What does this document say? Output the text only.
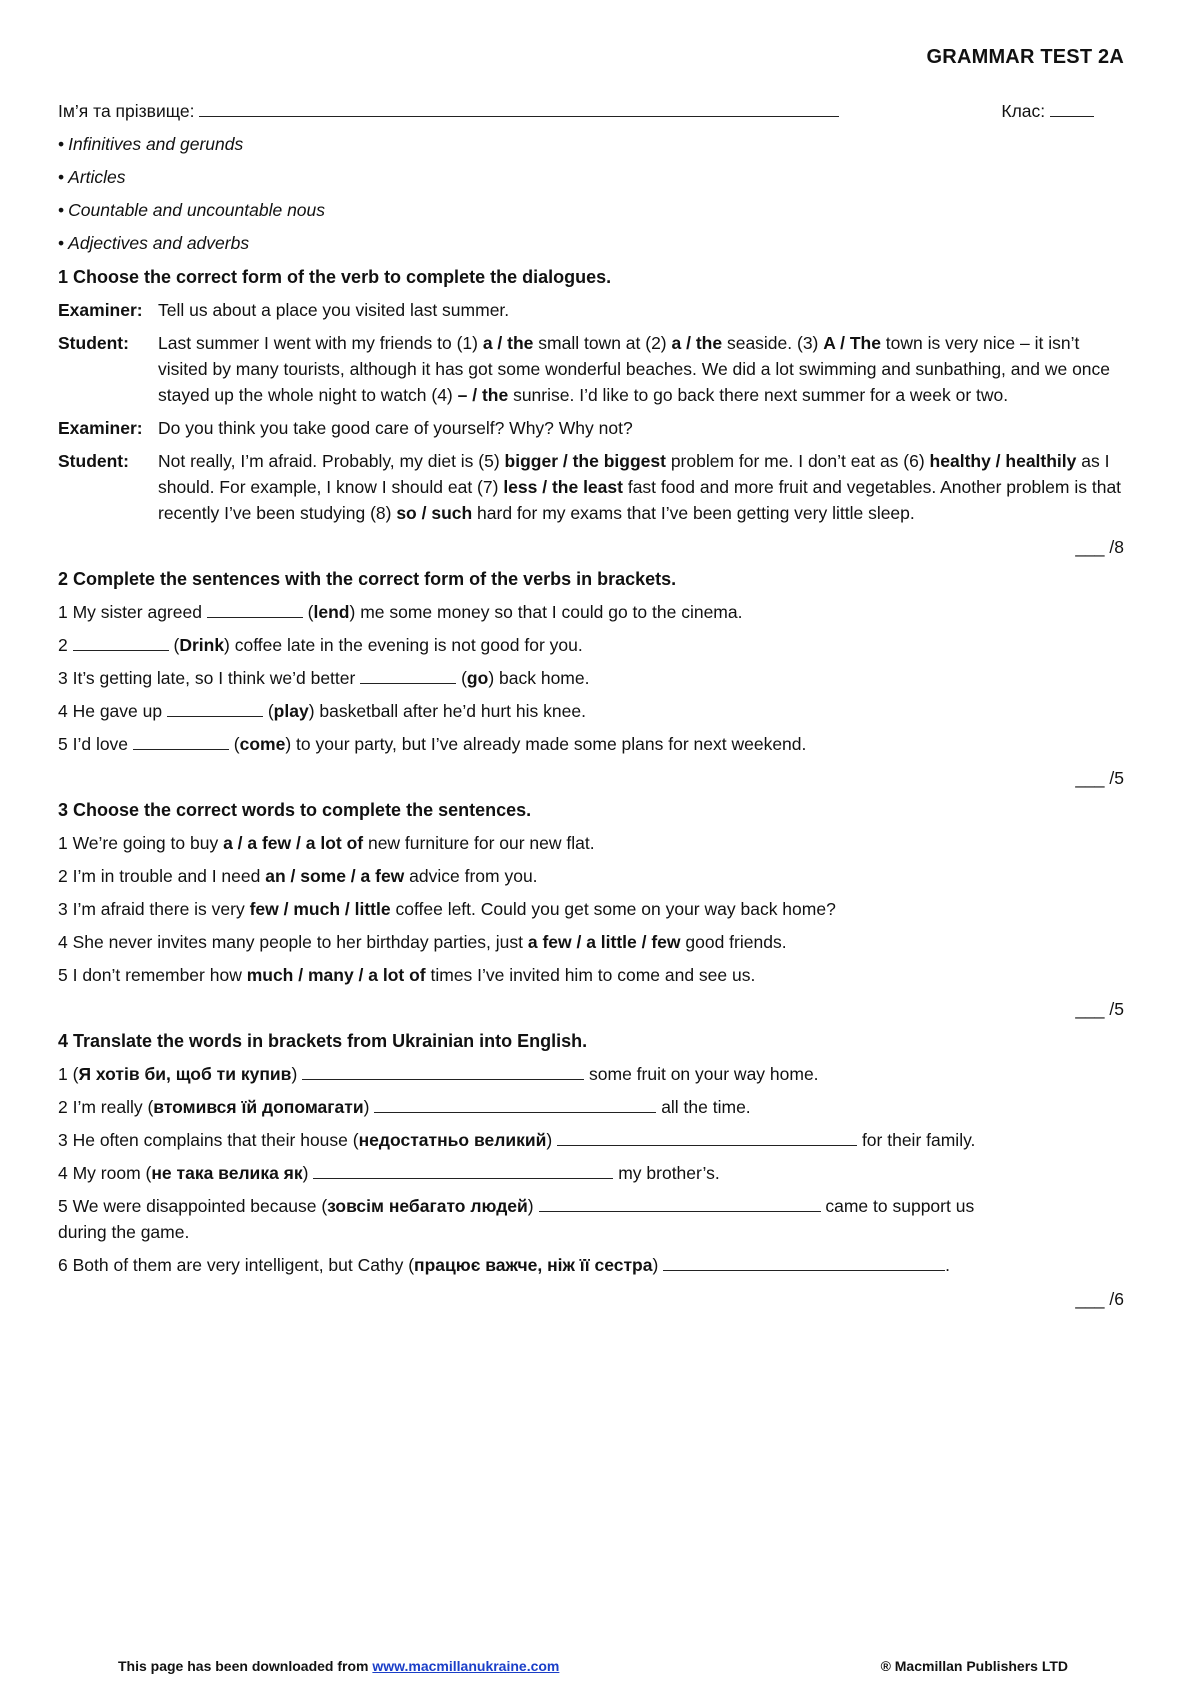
GRAMMAR TEST 2A
Ім’я та прізвище:	Клас:
• Infinitives and gerunds
• Articles
• Countable and uncountable nous
• Adjectives and adverbs
1 Choose the correct form of the verb to complete the dialogues.
Examiner: Tell us about a place you visited last summer.
Student:	Last summer I went with my friends to (1) a / the small town at (2) a / the seaside. (3) A / The town is very nice – it isn’t visited by many tourists, although it has got some wonderful beaches. We did a lot swimming and sunbathing, and we once stayed up the whole night to watch (4) – / the sunrise. I’d like to go back there next summer for a week or two.
Examiner: Do you think you take good care of yourself? Why? Why not?
Student:	Not really, I’m afraid. Probably, my diet is (5) bigger / the biggest problem for me. I don’t eat as (6) healthy / healthily as I should. For example, I know I should eat (7) less / the least fast food and more fruit and vegetables. Another problem is that recently I’ve been studying (8) so / such hard for my exams that I’ve been getting very little sleep.
___ /8
2 Complete the sentences with the correct form of the verbs in brackets.
1 My sister agreed	(lend) me some money so that I could go to the cinema.
2	(Drink) coffee late in the evening is not good for you.
3 It’s getting late, so I think we’d better	(go) back home.
4 He gave up	(play) basketball after he’d hurt his knee.
5 I’d love	(come) to your party, but I’ve already made some plans for next weekend.
___ /5
3 Choose the correct words to complete the sentences.
1 We’re going to buy a / a few / a lot of new furniture for our new flat.
2 I’m in trouble and I need an / some / a few advice from you.
3 I’m afraid there is very few / much / little coffee left. Could you get some on your way back home?
4 She never invites many people to her birthday parties, just a few / a little / few good friends.
5 I don’t remember how much / many / a lot of times I’ve invited him to come and see us.
___ /5
4 Translate the words in brackets from Ukrainian into English.
1 (Я хотів би, щоб ти купив)	some fruit on your way home.
2 I’m really (втомився їй допомагати)	all the time.
3 He often complains that their house (недостатньо великий)	for their family.
4 My room (не така велика як)	my brother’s.
5 We were disappointed because (зовсім небагато людей)	came to support us during the game.
6 Both of them are very intelligent, but Cathy (працює важче, ніж її сестра)	.
___ /6
This page has been downloaded from www.macmillanukraine.com	® Macmillan Publishers LTD
